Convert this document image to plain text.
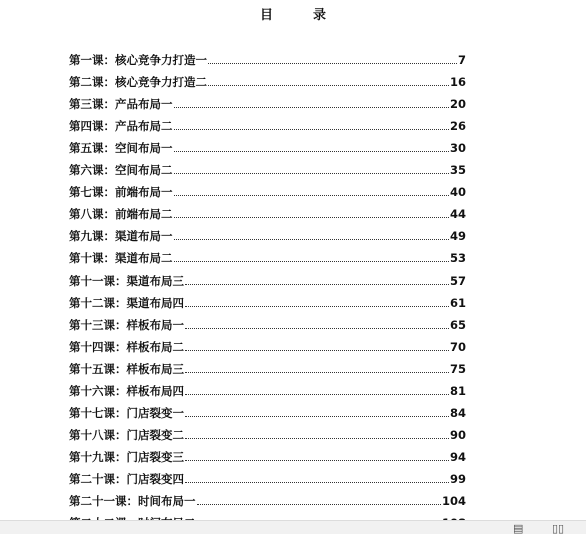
目	录
第一课： 核心竞争力打造一	7
第二课： 核心竞争力打造二	16
第三课： 产品布局一	20
第四课： 产品布局二	26
第五课： 空间布局一	30
第六课： 空间布局二	35
第七课： 前端布局一	40
第八课： 前端布局二	44
第九课： 渠道布局一	49
第十课： 渠道布局二	53
第十一课： 渠道布局三	57
第十二课： 渠道布局四	61
第十三课： 样板布局一	65
第十四课： 样板布局二	70
第十五课： 样板布局三	75
第十六课： 样板布局四	81
第十七课： 门店裂变一	84
第十八课： 门店裂变二	90
第十九课： 门店裂变三	94
第二十课： 门店裂变四	99
第二十一课： 时间布局一	104
▤	▯▯
